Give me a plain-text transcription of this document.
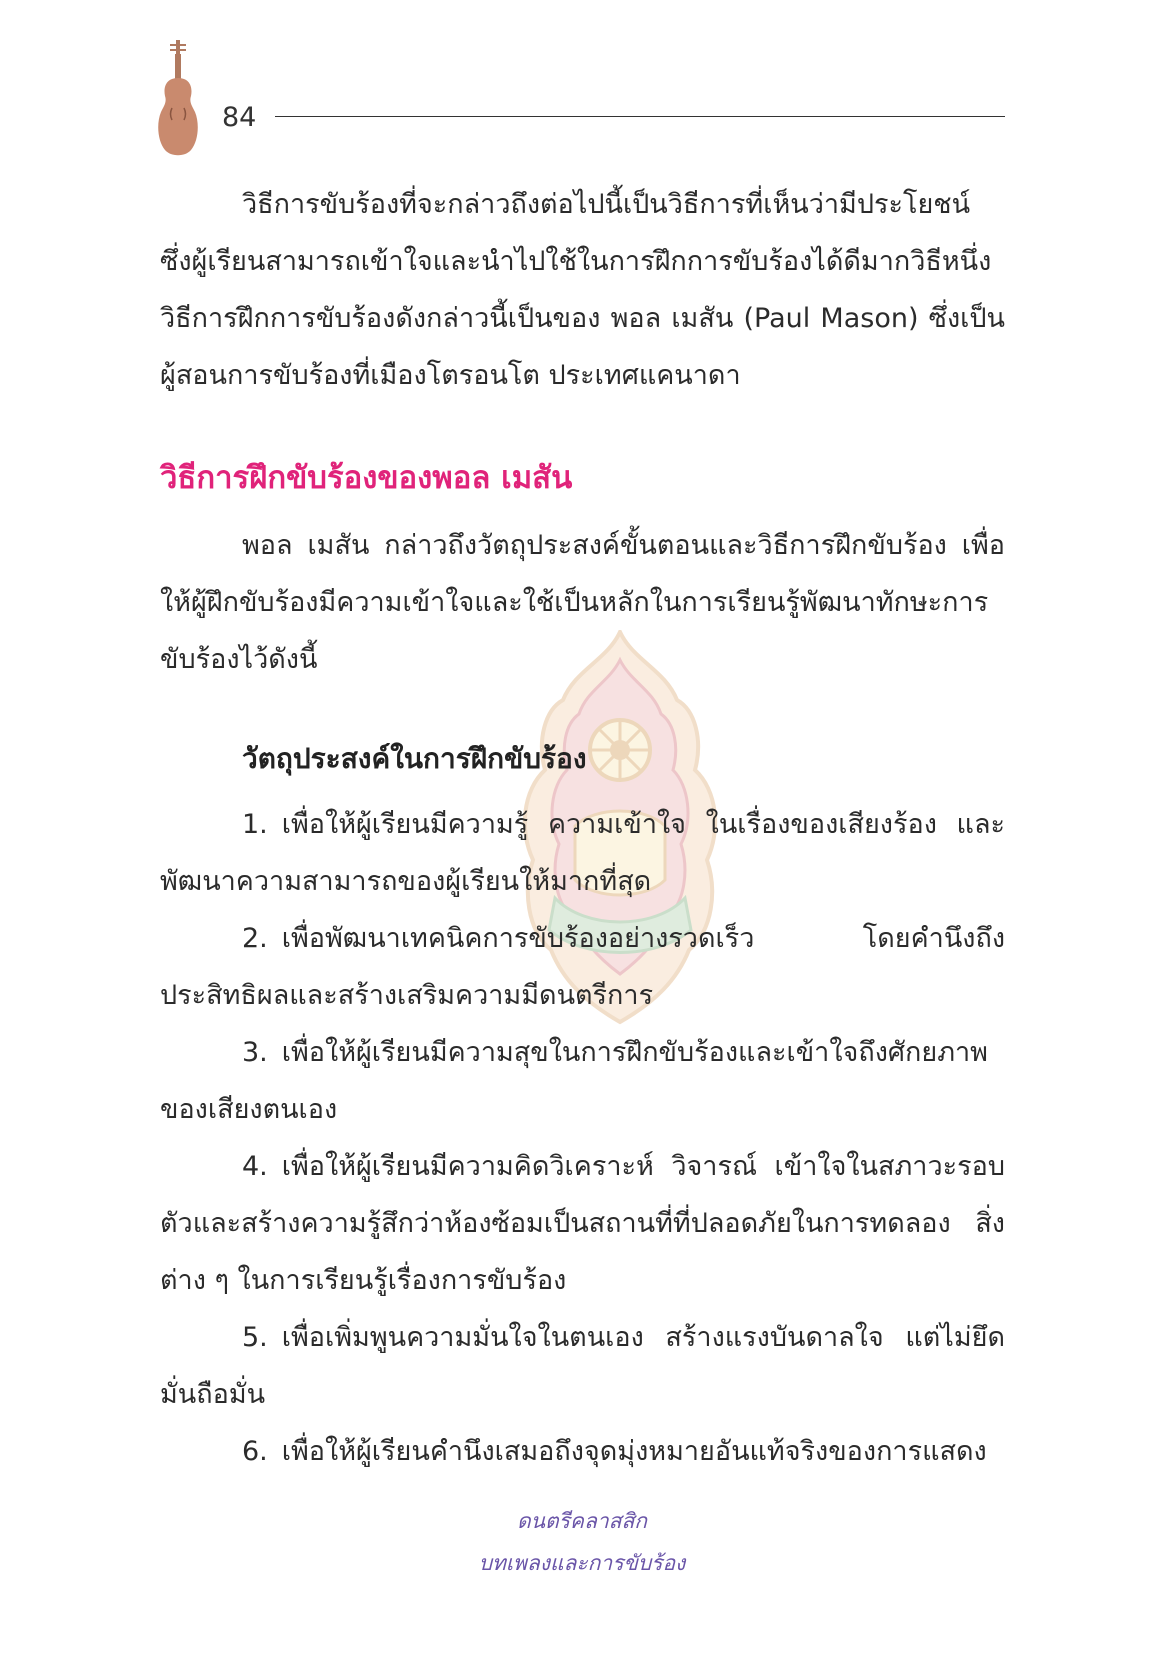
84

วิธีการขับร้องที่จะกล่าวถึงต่อไปนี้เป็นวิธีการที่เห็นว่ามีประโยชน์ ซึ่งผู้เรียนสามารถเข้าใจและนำไปใช้ในการฝึกการขับร้องได้ดีมากวิธีหนึ่ง วิธีการฝึกการขับร้องดังกล่าวนี้เป็นของ พอล เมสัน (Paul Mason) ซึ่งเป็นผู้สอนการขับร้องที่เมืองโตรอนโต ประเทศแคนาดา

วิธีการฝึกขับร้องของพอล เมสัน

พอล เมสัน กล่าวถึงวัตถุประสงค์ขั้นตอนและวิธีการฝึกขับร้อง เพื่อให้ผู้ฝึกขับร้องมีความเข้าใจและใช้เป็นหลักในการเรียนรู้พัฒนาทักษะการขับร้องไว้ดังนี้

วัตถุประสงค์ในการฝึกขับร้อง

1. เพื่อให้ผู้เรียนมีความรู้ ความเข้าใจ ในเรื่องของเสียงร้อง และพัฒนาความสามารถของผู้เรียนให้มากที่สุด

2. เพื่อพัฒนาเทคนิคการขับร้องอย่างรวดเร็ว โดยคำนึงถึงประสิทธิผลและสร้างเสริมความมีดนตรีการ

3. เพื่อให้ผู้เรียนมีความสุขในการฝึกขับร้องและเข้าใจถึงศักยภาพของเสียงตนเอง

4. เพื่อให้ผู้เรียนมีความคิดวิเคราะห์ วิจารณ์ เข้าใจในสภาวะรอบตัวและสร้างความรู้สึกว่าห้องซ้อมเป็นสถานที่ที่ปลอดภัยในการทดลอง สิ่งต่าง ๆ ในการเรียนรู้เรื่องการขับร้อง

5. เพื่อเพิ่มพูนความมั่นใจในตนเอง สร้างแรงบันดาลใจ แต่ไม่ยึดมั่นถือมั่น

6. เพื่อให้ผู้เรียนคำนึงเสมอถึงจุดมุ่งหมายอันแท้จริงของการแสดง

ดนตรีคลาสสิก
บทเพลงและการขับร้อง
